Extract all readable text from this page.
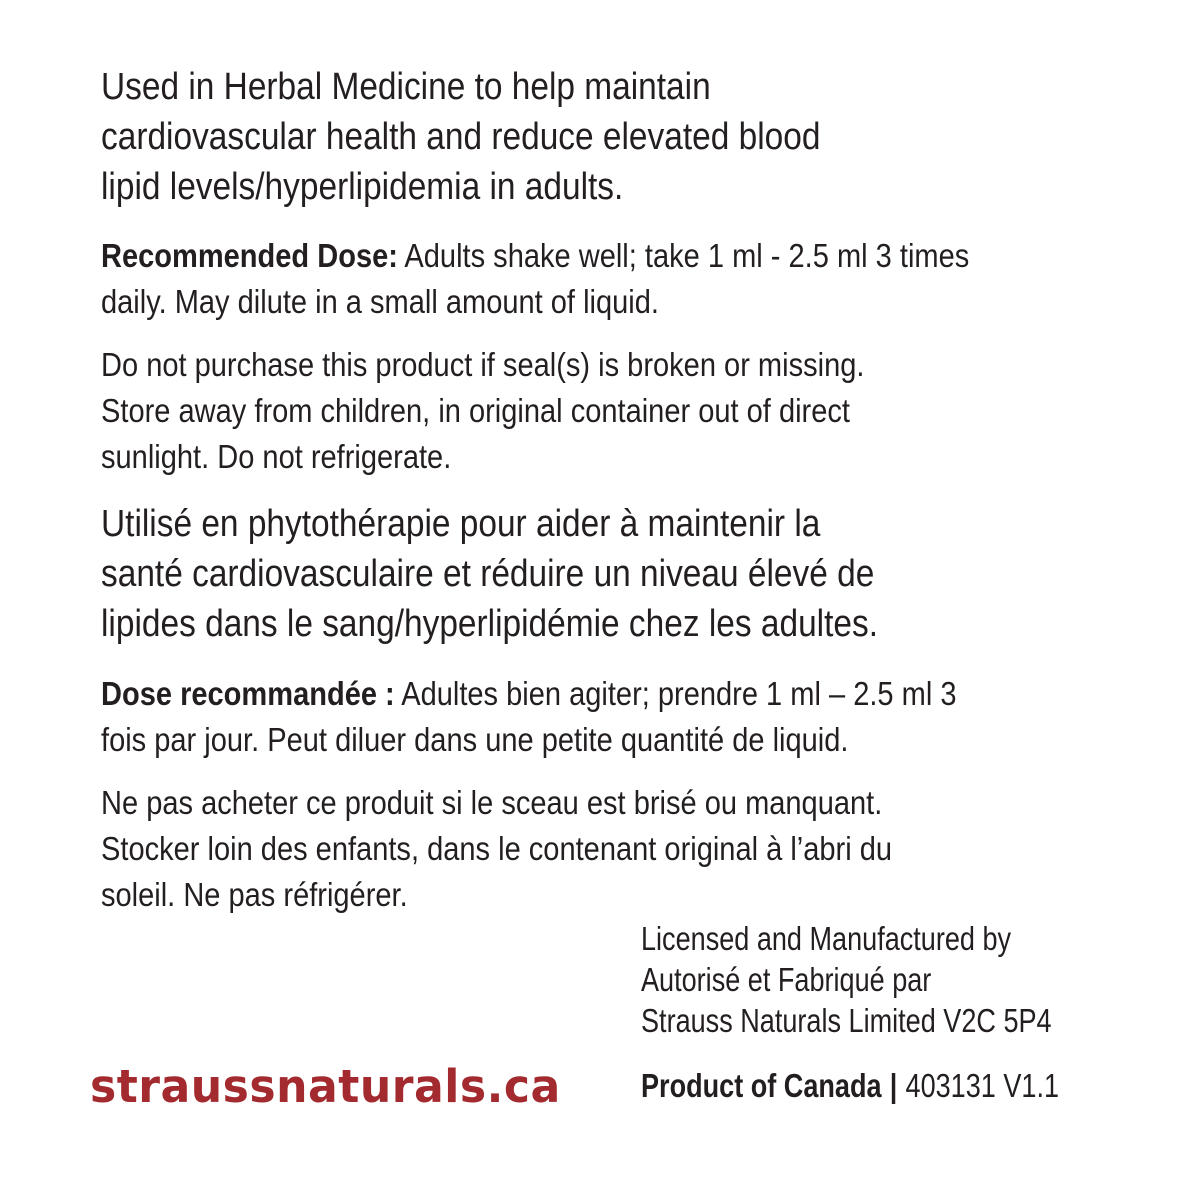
Used in Herbal Medicine to help maintain
cardiovascular health and reduce elevated blood
lipid levels/hyperlipidemia in adults.

Recommended Dose: Adults shake well; take 1 ml - 2.5 ml 3 times
daily. May dilute in a small amount of liquid.

Do not purchase this product if seal(s) is broken or missing.
Store away from children, in original container out of direct
sunlight. Do not refrigerate.

Utilisé en phytothérapie pour aider à maintenir la
santé cardiovasculaire et réduire un niveau élevé de
lipides dans le sang/hyperlipidémie chez les adultes.

Dose recommandée : Adultes bien agiter; prendre 1 ml – 2.5 ml 3
fois par jour. Peut diluer dans une petite quantité de liquid.

Ne pas acheter ce produit si le sceau est brisé ou manquant.
Stocker loin des enfants, dans le contenant original à l’abri du
soleil. Ne pas réfrigérer.

Licensed and Manufactured by
Autorisé et Fabriqué par
Strauss Naturals Limited V2C 5P4

straussnaturals.ca Product of Canada | 403131 V1.1
